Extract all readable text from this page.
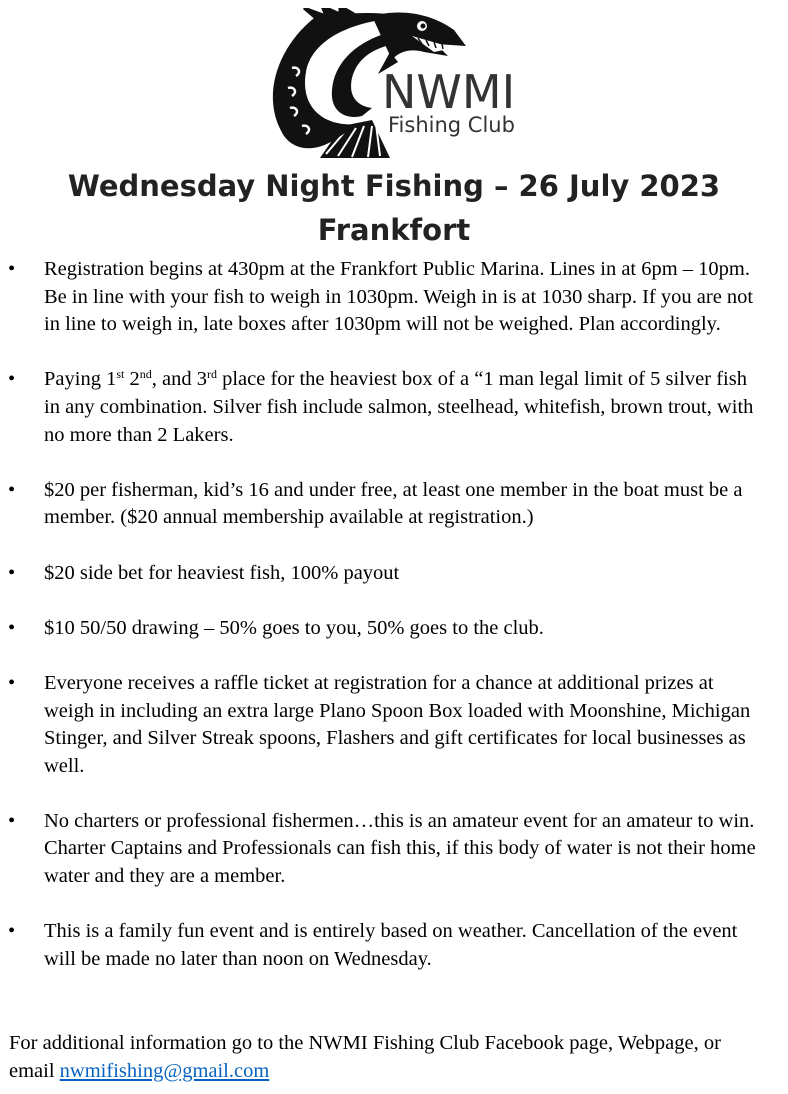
NWMI
Fishing Club
Wednesday Night Fishing – 26 July 2023
Frankfort
• Registration begins at 430pm at the Frankfort Public Marina. Lines in at 6pm – 10pm. Be in line with your fish to weigh in 1030pm. Weigh in is at 1030 sharp. If you are not in line to weigh in, late boxes after 1030pm will not be weighed. Plan accordingly.
• Paying 1st 2nd, and 3rd place for the heaviest box of a “1 man legal limit of 5 silver fish in any combination. Silver fish include salmon, steelhead, whitefish, brown trout, with no more than 2 Lakers.
• $20 per fisherman, kid’s 16 and under free, at least one member in the boat must be a member. ($20 annual membership available at registration.)
• $20 side bet for heaviest fish, 100% payout
• $10 50/50 drawing – 50% goes to you, 50% goes to the club.
• Everyone receives a raffle ticket at registration for a chance at additional prizes at weigh in including an extra large Plano Spoon Box loaded with Moonshine, Michigan Stinger, and Silver Streak spoons, Flashers and gift certificates for local businesses as well.
• No charters or professional fishermen…this is an amateur event for an amateur to win. Charter Captains and Professionals can fish this, if this body of water is not their home water and they are a member.
• This is a family fun event and is entirely based on weather. Cancellation of the event will be made no later than noon on Wednesday.

For additional information go to the NWMI Fishing Club Facebook page, Webpage, or email nwmifishing@gmail.com
